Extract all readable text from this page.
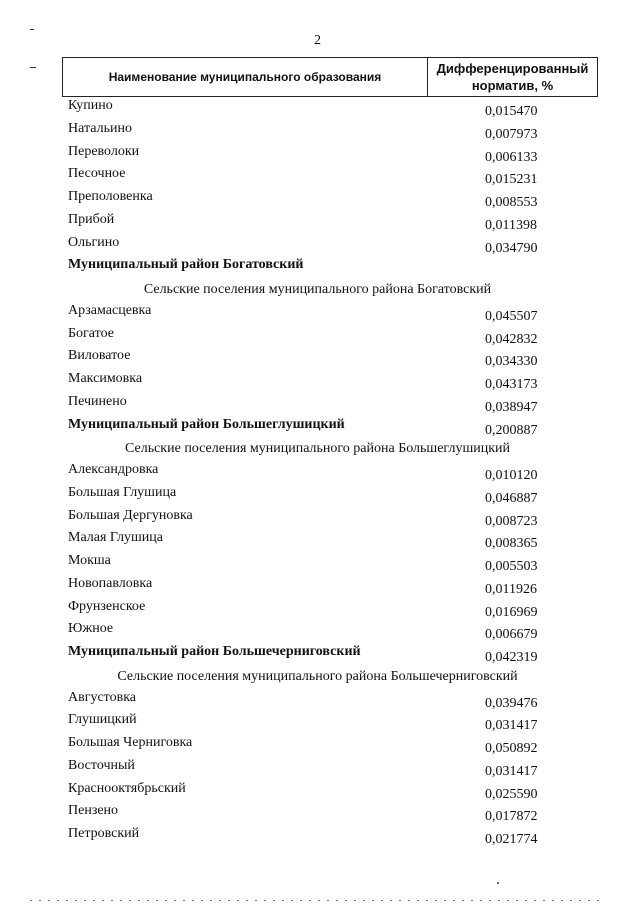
2
Наименование муниципального образования
Дифференцированный
норматив, %
Купино	0,015470
Натальино	0,007973
Переволоки	0,006133
Песочное	0,015231
Преполовенка	0,008553
Прибой	0,011398
Ольгино	0,034790
Муниципальный район Богатовский
Сельские поселения муниципального района Богатовский
Арзамасцевка	0,045507
Богатое	0,042832
Виловатое	0,034330
Максимовка	0,043173
Печинено	0,038947
Муниципальный район Большеглушицкий	0,200887
Сельские поселения муниципального района Большеглушицкий
Александровка	0,010120
Большая Глушица	0,046887
Большая Дергуновка	0,008723
Малая Глушица	0,008365
Мокша	0,005503
Новопавловка	0,011926
Фрунзенское	0,016969
Южное	0,006679
Муниципальный район Большечерниговский	0,042319
Сельские поселения муниципального района Большечерниговский
Августовка	0,039476
Глушицкий	0,031417
Большая Черниговка	0,050892
Восточный	0,031417
Краснооктябрьский	0,025590
Пензено	0,017872
Петровский	0,021774
